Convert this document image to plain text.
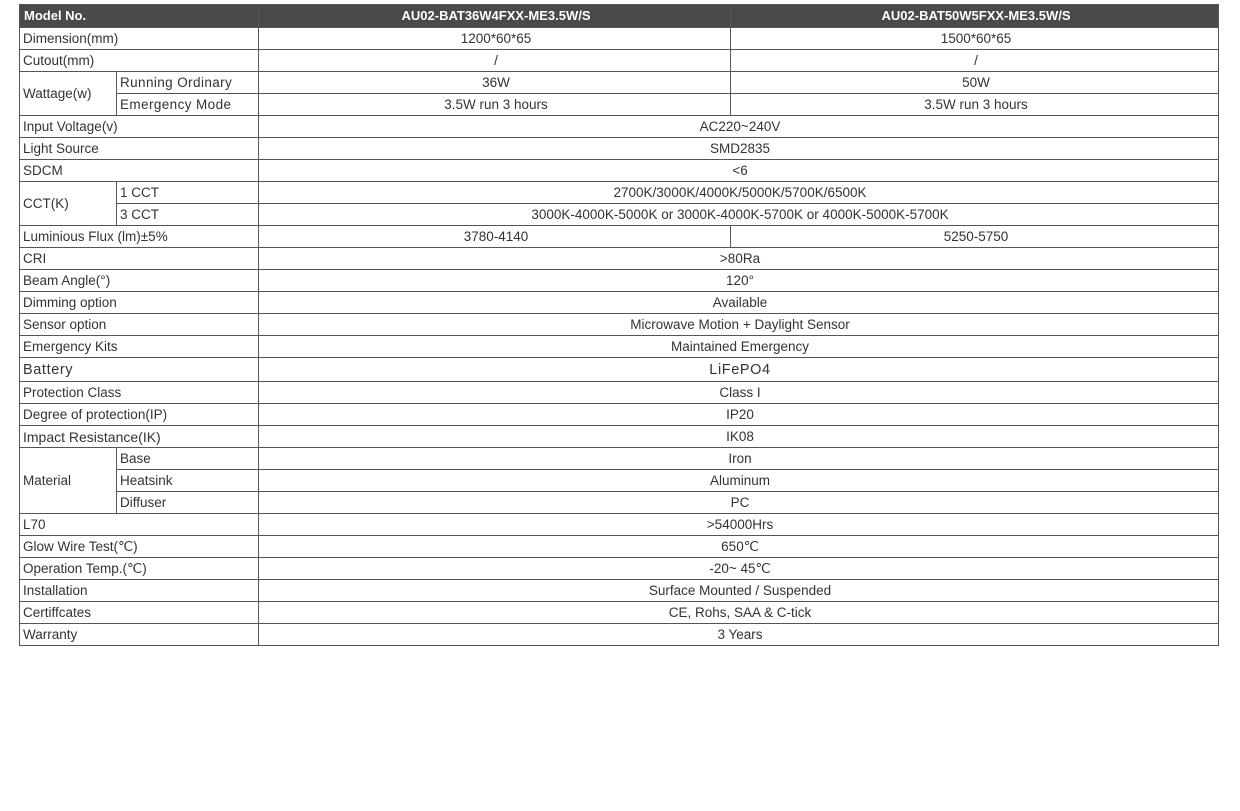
Model No.		AU02-BAT36W4FXX-ME3.5W/S	AU02-BAT50W5FXX-ME3.5W/S
Dimension(mm)		1200*60*65	1500*60*65
Cutout(mm)		/	/
Wattage(w)	Running Ordinary	36W	50W
	Emergency Mode	3.5W run 3 hours	3.5W run 3 hours
Input Voltage(v)		AC220~240V	
Light Source		SMD2835	
SDCM		<6	
CCT(K)	1 CCT	2700K/3000K/4000K/5000K/5700K/6500K	
	3 CCT	3000K-4000K-5000K or 3000K-4000K-5700K or 4000K-5000K-5700K	
Luminious Flux (lm)±5%		3780-4140	5250-5750
CRI		>80Ra	
Beam Angle(°)		120°	
Dimming option		Available	
Sensor option		Microwave Motion + Daylight Sensor	
Emergency Kits		Maintained Emergency	
Battery		LiFePO4	
Protection Class		Class I	
Degree of protection(IP)		IP20	
Impact Resistance(IK)		IK08	
Material	Base	Iron	
	Heatsink	Aluminum	
	Diffuser	PC	
L70		>54000Hrs	
Glow Wire Test(℃)		650℃	
Operation Temp.(℃)		-20~ 45℃	
Installation		Surface Mounted / Suspended	
Certiffcates		CE, Rohs, SAA & C-tick	
Warranty		3 Years	
